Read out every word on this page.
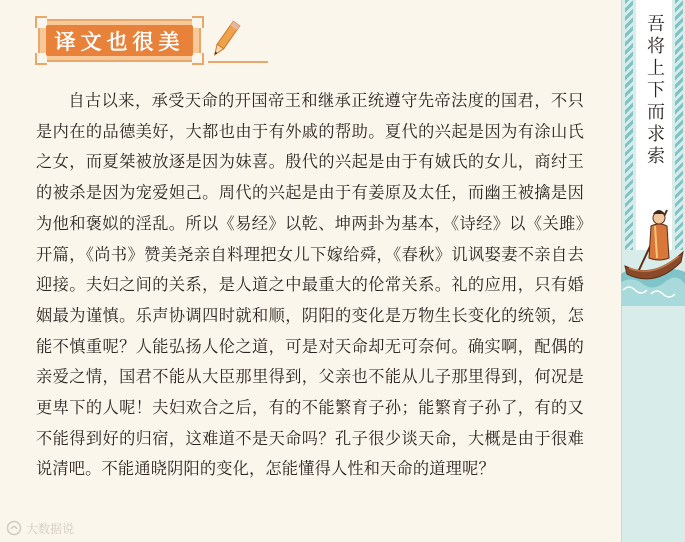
译文也很美

自古以来，承受天命的开国帝王和继承正统遵守先帝法度的国君，不只是内在的品德美好，大都也由于有外戚的帮助。夏代的兴起是因为有涂山氏之女，而夏桀被放逐是因为妹喜。殷代的兴起是由于有娀氏的女儿，商纣王的被杀是因为宠爱妲己。周代的兴起是由于有姜原及太任，而幽王被擒是因为他和褒姒的淫乱。所以《易经》以乾、坤两卦为基本，《诗经》以《关雎》开篇，《尚书》赞美尧亲自料理把女儿下嫁给舜，《春秋》讥讽娶妻不亲自去迎接。夫妇之间的关系，是人道之中最重大的伦常关系。礼的应用，只有婚姻最为谨慎。乐声协调四时就和顺，阴阳的变化是万物生长变化的统领，怎能不慎重呢？人能弘扬人伦之道，可是对天命却无可奈何。确实啊，配偶的亲爱之情，国君不能从大臣那里得到，父亲也不能从儿子那里得到，何况是更卑下的人呢！夫妇欢合之后，有的不能繁育子孙；能繁育子孙了，有的又不能得到好的归宿，这难道不是天命吗？孔子很少谈天命，大概是由于很难说清吧。不能通晓阴阳的变化，怎能懂得人性和天命的道理呢？

吾将上下而求索
大数据说
